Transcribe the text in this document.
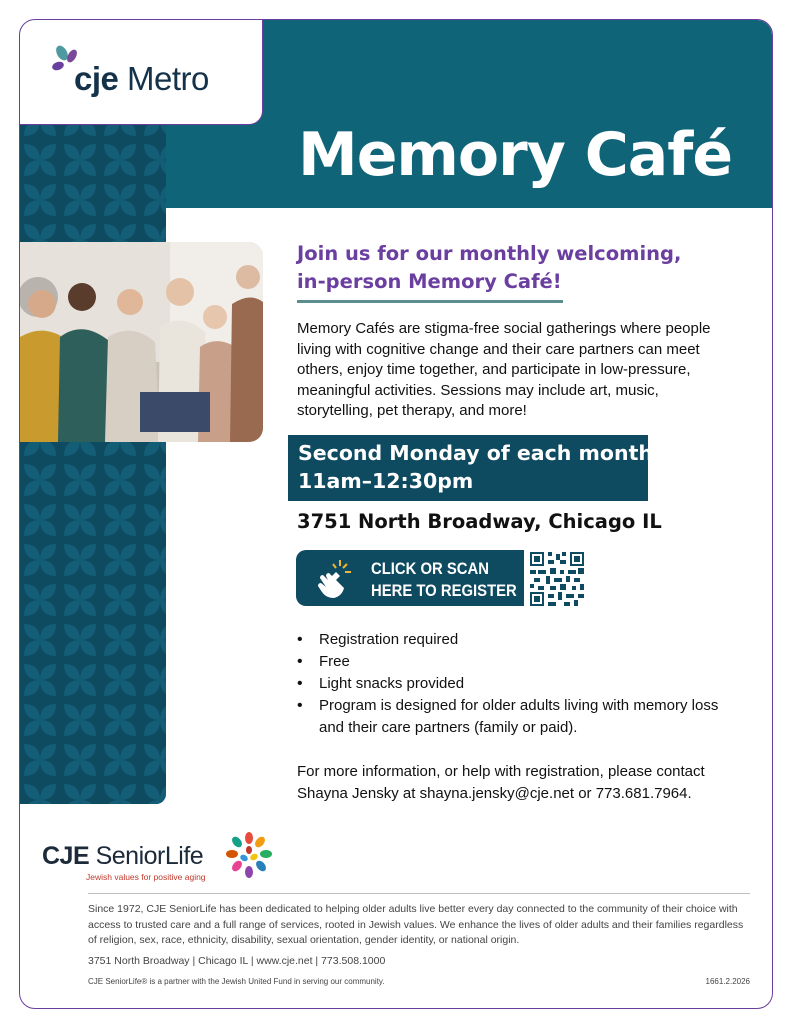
cje Metro
Memory Café
Join us for our monthly welcoming,
in-person Memory Café!
Memory Cafés are stigma-free social gatherings where people living with cognitive change and their care partners can meet others, enjoy time together, and participate in low-pressure, meaningful activities. Sessions may include art, music, storytelling, pet therapy, and more!
Second Monday of each month
11am–12:30pm
3751 North Broadway, Chicago IL
CLICK OR SCAN
HERE TO REGISTER
• Registration required
• Free
• Light snacks provided
• Program is designed for older adults living with memory loss and their care partners (family or paid).
For more information, or help with registration, please contact Shayna Jensky at shayna.jensky@cje.net or 773.681.7964.
CJE SeniorLife
Jewish values for positive aging
Since 1972, CJE SeniorLife has been dedicated to helping older adults live better every day connected to the community of their choice with access to trusted care and a full range of services, rooted in Jewish values. We enhance the lives of older adults and their families regardless of religion, sex, race, ethnicity, disability, sexual orientation, gender identity, or national origin.
3751 North Broadway | Chicago IL | www.cje.net | 773.508.1000
CJE SeniorLife® is a partner with the Jewish United Fund in serving our community.	1661.2.2026
